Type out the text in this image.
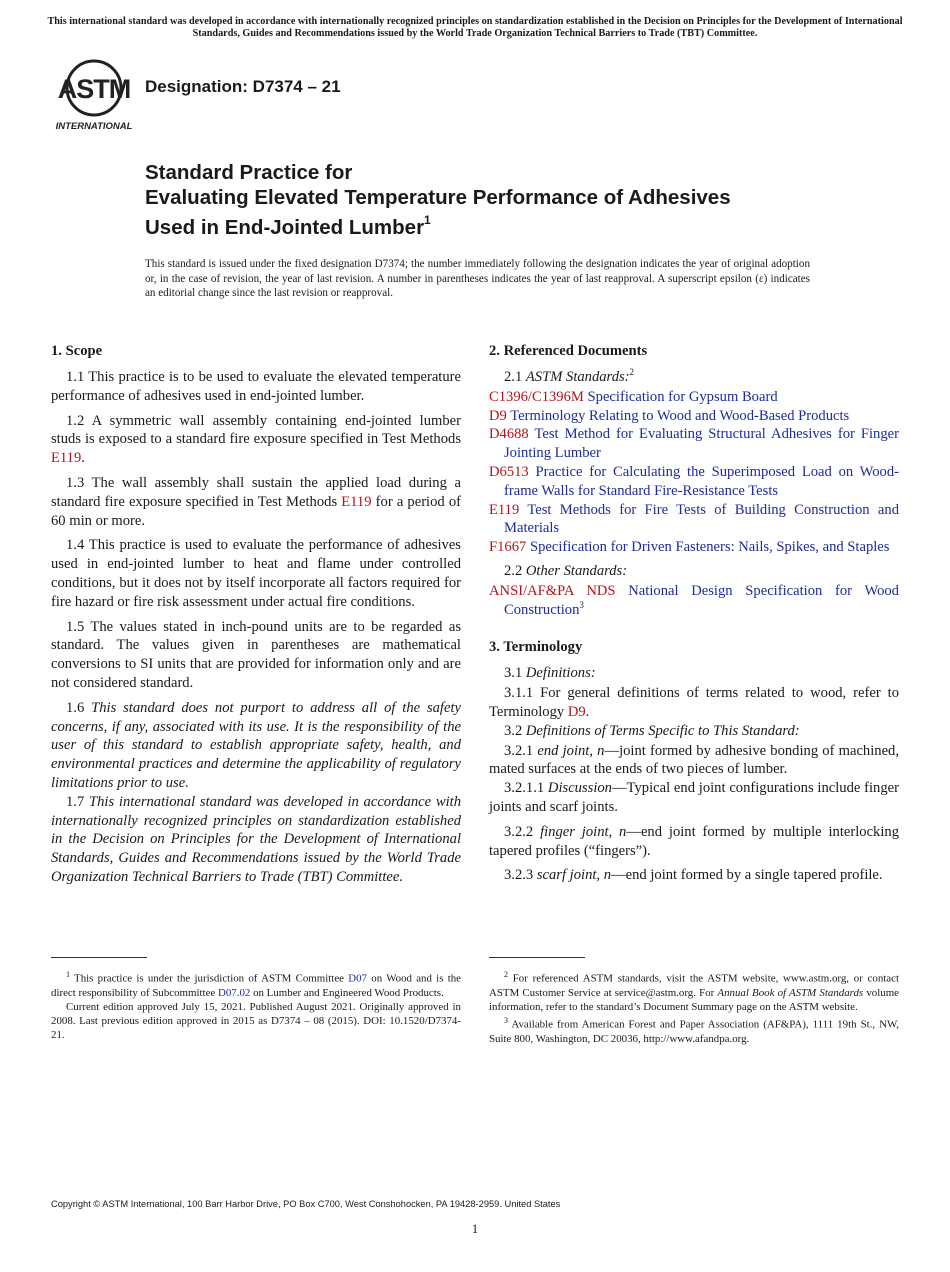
This international standard was developed in accordance with internationally recognized principles on standardization established in the Decision on Principles for the Development of International Standards, Guides and Recommendations issued by the World Trade Organization Technical Barriers to Trade (TBT) Committee.
ASTM
INTERNATIONAL
Designation: D7374 – 21
Standard Practice for
Evaluating Elevated Temperature Performance of Adhesives
Used in End-Jointed Lumber$^1$
This standard is issued under the fixed designation D7374; the number immediately following the designation indicates the year of original adoption or, in the case of revision, the year of last revision. A number in parentheses indicates the year of last reapproval. A superscript epsilon (ε) indicates an editorial change since the last revision or reapproval.
1. Scope

1.1 This practice is to be used to evaluate the elevated temperature performance of adhesives used in end-jointed lumber.

1.2 A symmetric wall assembly containing end-jointed lumber studs is exposed to a standard fire exposure specified in Test Methods E119.

1.3 The wall assembly shall sustain the applied load during a standard fire exposure specified in Test Methods E119 for a period of 60 min or more.

1.4 This practice is used to evaluate the performance of adhesives used in end-jointed lumber to heat and flame under controlled conditions, but it does not by itself incorporate all factors required for fire hazard or fire risk assessment under actual fire conditions.

1.5 The values stated in inch-pound units are to be regarded as standard. The values given in parentheses are mathematical conversions to SI units that are provided for information only and are not considered standard.

1.6 This standard does not purport to address all of the safety concerns, if any, associated with its use. It is the responsibility of the user of this standard to establish appropriate safety, health, and environmental practices and determine the applicability of regulatory limitations prior to use.

1.7 This international standard was developed in accordance with internationally recognized principles on standardization established in the Decision on Principles for the Development of International Standards, Guides and Recommendations issued by the World Trade Organization Technical Barriers to Trade (TBT) Committee.

2. Referenced Documents

2.1 ASTM Standards:$^2$

C1396/C1396M Specification for Gypsum Board

D9 Terminology Relating to Wood and Wood-Based Products

D4688 Test Method for Evaluating Structural Adhesives for Finger Jointing Lumber

D6513 Practice for Calculating the Superimposed Load on Wood-frame Walls for Standard Fire-Resistance Tests

E119 Test Methods for Fire Tests of Building Construction and Materials

F1667 Specification for Driven Fasteners: Nails, Spikes, and Staples

2.2 Other Standards:

ANSI/AF&PA NDS National Design Specification for Wood Construction$^3$

3. Terminology

3.1 Definitions:

3.1.1 For general definitions of terms related to wood, refer to Terminology D9.

3.2 Definitions of Terms Specific to This Standard:

3.2.1 end joint, n—joint formed by adhesive bonding of machined, mated surfaces at the ends of two pieces of lumber.

3.2.1.1 Discussion—Typical end joint configurations include finger joints and scarf joints.

3.2.2 finger joint, n—end joint formed by multiple interlocking tapered profiles (“fingers”).

3.2.3 scarf joint, n—end joint formed by a single tapered profile.

$^1$ This practice is under the jurisdiction of ASTM Committee D07 on Wood and is the direct responsibility of Subcommittee D07.02 on Lumber and Engineered Wood Products.

Current edition approved July 15, 2021. Published August 2021. Originally approved in 2008. Last previous edition approved in 2015 as D7374 – 08 (2015). DOI: 10.1520/D7374-21.

$^2$ For referenced ASTM standards, visit the ASTM website, www.astm.org, or contact ASTM Customer Service at service@astm.org. For Annual Book of ASTM Standards volume information, refer to the standard’s Document Summary page on the ASTM website.

$^3$ Available from American Forest and Paper Association (AF&PA), 1111 19th St., NW, Suite 800, Washington, DC 20036, http://www.afandpa.org.

Copyright © ASTM International, 100 Barr Harbor Drive, PO Box C700, West Conshohocken, PA 19428-2959. United States
1
